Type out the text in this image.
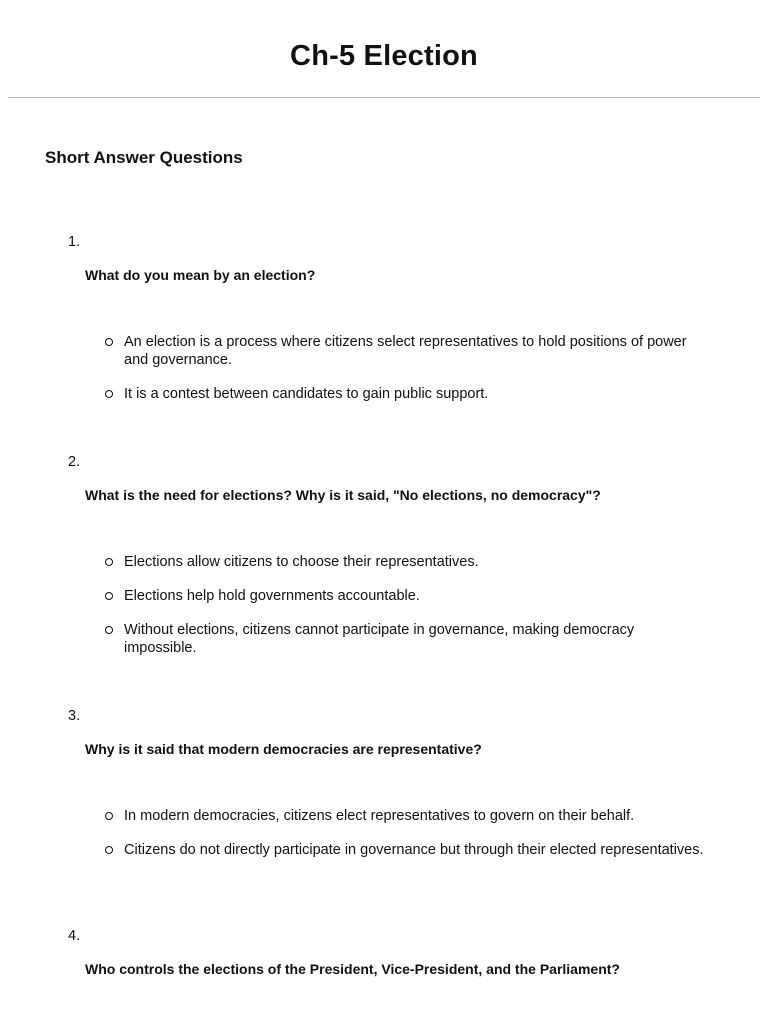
Ch-5 Election
Short Answer Questions
1.
What do you mean by an election?
An election is a process where citizens select representatives to hold positions of power and governance.
It is a contest between candidates to gain public support.
2.
What is the need for elections? Why is it said, "No elections, no democracy"?
Elections allow citizens to choose their representatives.
Elections help hold governments accountable.
Without elections, citizens cannot participate in governance, making democracy impossible.
3.
Why is it said that modern democracies are representative?
In modern democracies, citizens elect representatives to govern on their behalf.
Citizens do not directly participate in governance but through their elected representatives.
4.
Who controls the elections of the President, Vice-President, and the Parliament?
